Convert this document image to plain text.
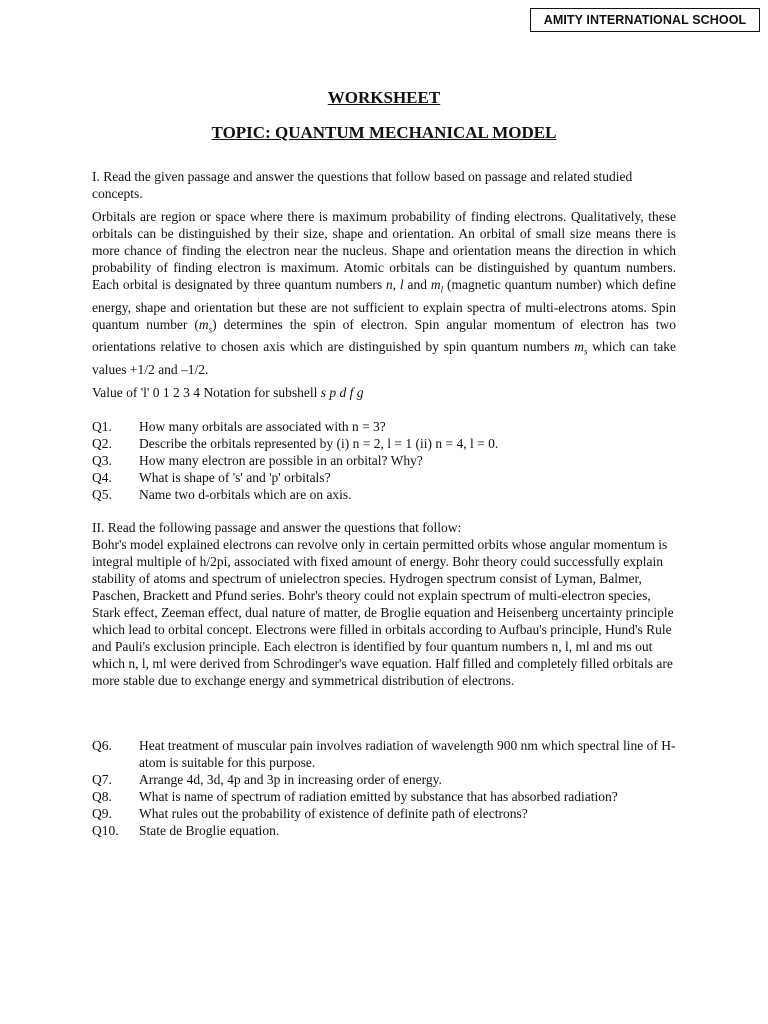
AMITY INTERNATIONAL SCHOOL
WORKSHEET
TOPIC: QUANTUM MECHANICAL MODEL
I. Read the given passage and answer the questions that follow based on passage and related studied concepts.
Orbitals are region or space where there is maximum probability of finding electrons. Qualitatively, these orbitals can be distinguished by their size, shape and orientation. An orbital of small size means there is more chance of finding the electron near the nucleus. Shape and orientation means the direction in which probability of finding electron is maximum. Atomic orbitals can be distinguished by quantum numbers. Each orbital is designated by three quantum numbers n, l and $m_l$ (magnetic quantum number) which define energy, shape and orientation but these are not sufficient to explain spectra of multi-electrons atoms. Spin quantum number $(m_s)$ determines the spin of electron. Spin angular momentum of electron has two orientations relative to chosen axis which are distinguished by spin quantum numbers $m_s$ which can take values +1/2 and –1/2.
Value of 'l' 0 1 2 3 4 Notation for subshell s p d f g
Q1.	How many orbitals are associated with n = 3?
Q2.	Describe the orbitals represented by (i) n = 2, l = 1 (ii) n = 4, l = 0.
Q3.	How many electron are possible in an orbital? Why?
Q4.	What is shape of 's' and 'p' orbitals?
Q5.	Name two d-orbitals which are on axis.
II. Read the following passage and answer the questions that follow:
Bohr's model explained electrons can revolve only in certain permitted orbits whose angular momentum is integral multiple of h/2pi, associated with fixed amount of energy. Bohr theory could successfully explain stability of atoms and spectrum of unielectron species. Hydrogen spectrum consist of Lyman, Balmer, Paschen, Brackett and Pfund series. Bohr's theory could not explain spectrum of multi-electron species, Stark effect, Zeeman effect, dual nature of matter, de Broglie equation and Heisenberg uncertainty principle which lead to orbital concept. Electrons were filled in orbitals according to Aufbau's principle, Hund's Rule and Pauli's exclusion principle. Each electron is identified by four quantum numbers n, l, ml and ms out which n, l, ml were derived from Schrodinger's wave equation. Half filled and completely filled orbitals are more stable due to exchange energy and symmetrical distribution of electrons.
Q6.	Heat treatment of muscular pain involves radiation of wavelength 900 nm which spectral line of H-atom is suitable for this purpose.
Q7.	Arrange 4d, 3d, 4p and 3p in increasing order of energy.
Q8.	What is name of spectrum of radiation emitted by substance that has absorbed radiation?
Q9.	What rules out the probability of existence of definite path of electrons?
Q10.	State de Broglie equation.
